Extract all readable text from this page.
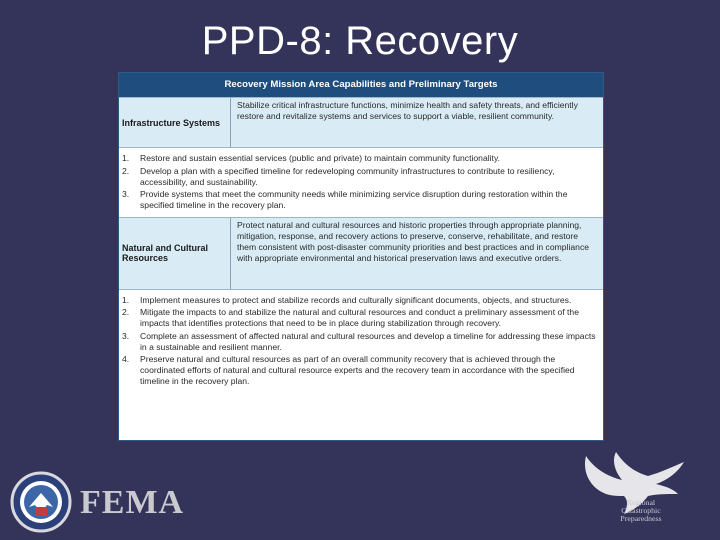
PPD-8: Recovery
Recovery Mission Area Capabilities and Preliminary Targets
Infrastructure Systems
Stabilize critical infrastructure functions, minimize health and safety threats, and efficiently restore and revitalize systems and services to support a viable, resilient community.
1.	Restore and sustain essential services (public and private) to maintain community functionality.
2.	Develop a plan with a specified timeline for redeveloping community infrastructures to contribute to resiliency, accessibility, and sustainability.
3.	Provide systems that meet the community needs while minimizing service disruption during restoration within the specified timeline in the recovery plan.
Natural and Cultural Resources
Protect natural and cultural resources and historic properties through appropriate planning, mitigation, response, and recovery actions to preserve, conserve, rehabilitate, and restore them consistent with post-disaster community priorities and best practices and in compliance with appropriate environmental and historical preservation laws and executive orders.
1.	Implement measures to protect and stabilize records and culturally significant documents, objects, and structures.
2.	Mitigate the impacts to and stabilize the natural and cultural resources and conduct a preliminary assessment of the impacts that identifies protections that need to be in place during stabilization through recovery.
3.	Complete an assessment of affected natural and cultural resources and develop a timeline for addressing these impacts in a sustainable and resilient manner.
4.	Preserve natural and cultural resources as part of an overall community recovery that is achieved through the coordinated efforts of natural and cultural resource experts and the recovery team in accordance with the specified timeline in the recovery plan.
FEMA	Regional
Catastrophic
Preparedness
